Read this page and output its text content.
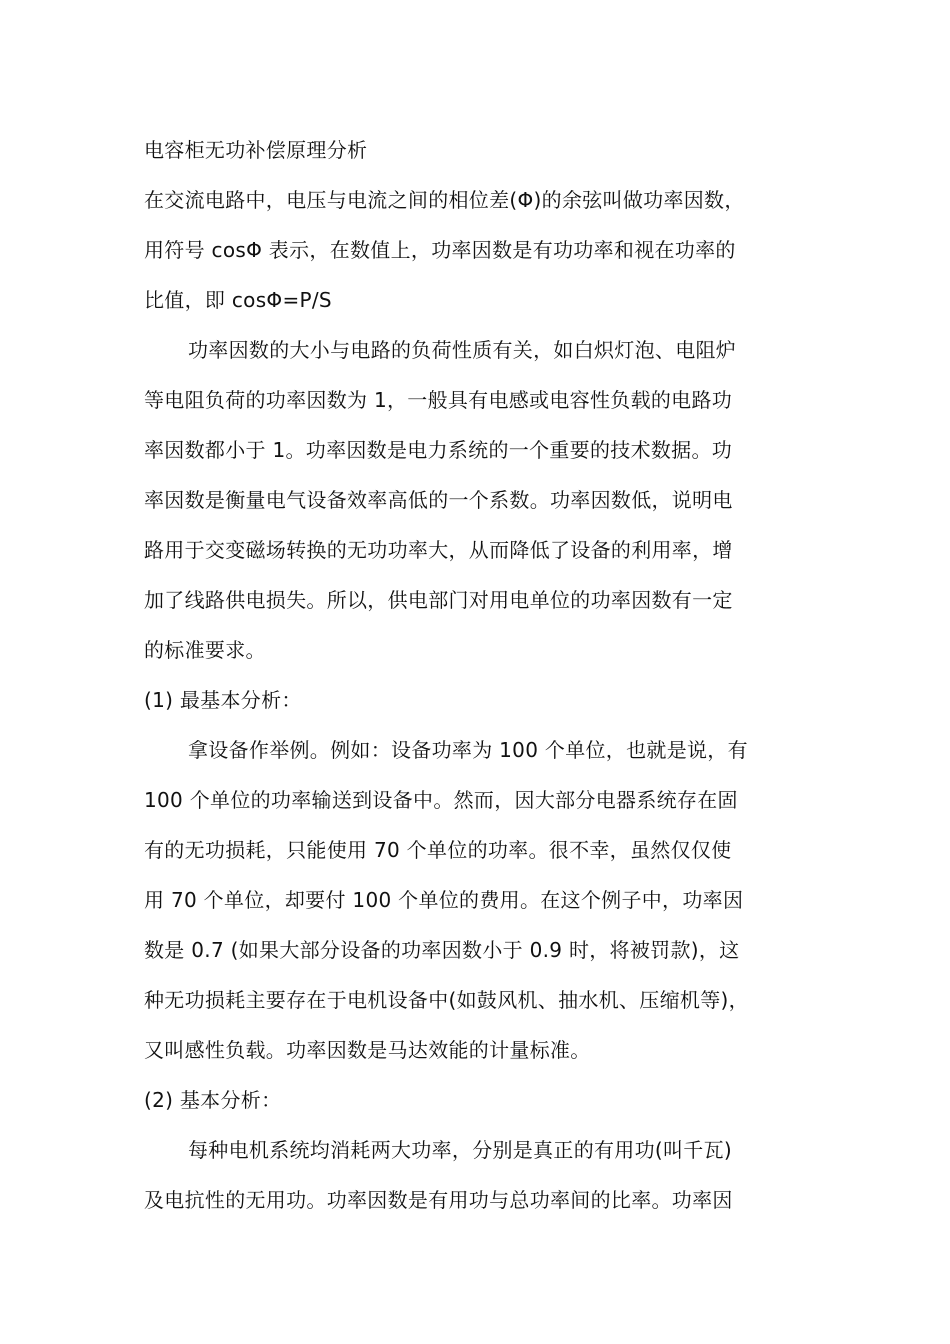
电容柜无功补偿原理分析
在交流电路中，电压与电流之间的相位差(Φ)的余弦叫做功率因数，
用符号 cosΦ 表示，在数值上，功率因数是有功功率和视在功率的
比值，即 cosΦ=P/S
功率因数的大小与电路的负荷性质有关，如白炽灯泡、电阻炉
等电阻负荷的功率因数为 1，一般具有电感或电容性负载的电路功
率因数都小于 1。功率因数是电力系统的一个重要的技术数据。功
率因数是衡量电气设备效率高低的一个系数。功率因数低，说明电
路用于交变磁场转换的无功功率大，从而降低了设备的利用率，增
加了线路供电损失。所以，供电部门对用电单位的功率因数有一定
的标准要求。
(1) 最基本分析：
拿设备作举例。例如：设备功率为 100 个单位，也就是说，有
100 个单位的功率输送到设备中。然而，因大部分电器系统存在固
有的无功损耗，只能使用 70 个单位的功率。很不幸，虽然仅仅使
用 70 个单位，却要付 100 个单位的费用。在这个例子中，功率因
数是 0.7 (如果大部分设备的功率因数小于 0.9 时，将被罚款)，这
种无功损耗主要存在于电机设备中(如鼓风机、抽水机、压缩机等)，
又叫感性负载。功率因数是马达效能的计量标准。
(2) 基本分析：
每种电机系统均消耗两大功率，分别是真正的有用功(叫千瓦)
及电抗性的无用功。功率因数是有用功与总功率间的比率。功率因
